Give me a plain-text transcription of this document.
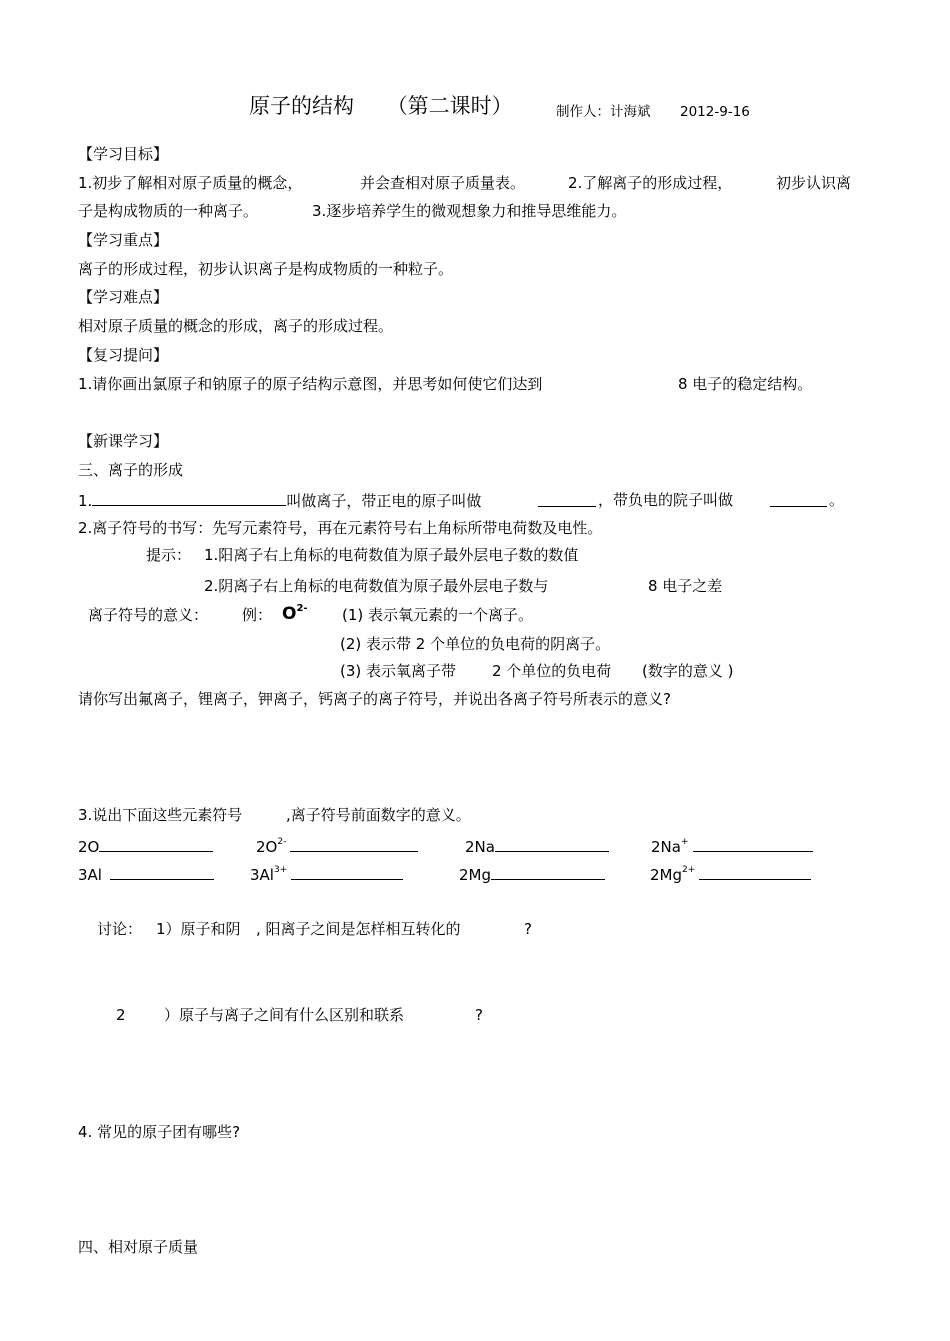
原子的结构 （第二课时）	制作人：计海斌 2012-9-16
【学习目标】
1.初步了解相对原子质量的概念，	并会查相对原子质量表。	2.了解离子的形成过程，	初步认识离
子是构成物质的一种离子。	3.逐步培养学生的微观想象力和推导思维能力。
【学习重点】
离子的形成过程，初步认识离子是构成物质的一种粒子。
【学习难点】
相对原子质量的概念的形成，离子的形成过程。
【复习提问】
1.请你画出氯原子和钠原子的原子结构示意图，并思考如何使它们达到	8 电子的稳定结构。
【新课学习】
三、离子的形成
1.	叫做离子，带正电的原子叫做	，带负电的院子叫做	。
2.离子符号的书写：先写元素符号，再在元素符号右上角标所带电荷数及电性。
提示： 1.阳离子右上角标的电荷数值为原子最外层电子数的数值
2.阴离子右上角标的电荷数值为原子最外层电子数与	8 电子之差
离子符号的意义： 例： $O^{2-}$ (1) 表示氧元素的一个离子。
(2) 表示带 2 个单位的负电荷的阴离子。
(3) 表示氧离子带 2 个单位的负电荷 (数字的意义 )
请你写出氟离子，锂离子，钾离子，钙离子的离子符号，并说出各离子符号所表示的意义?
3.说出下面这些元素符号	,离子符号前面数字的意义。
2O	$2O^{2-}$	2Na	2Na+
3Al	$3Al^{3+}$	2Mg	$2Mg^{2+}$
讨论： 1）原子和阴 , 阳离子之间是怎样相互转化的	?
2	）原子与离子之间有什么区别和联系	?
4. 常见的原子团有哪些?
四、相对原子质量
